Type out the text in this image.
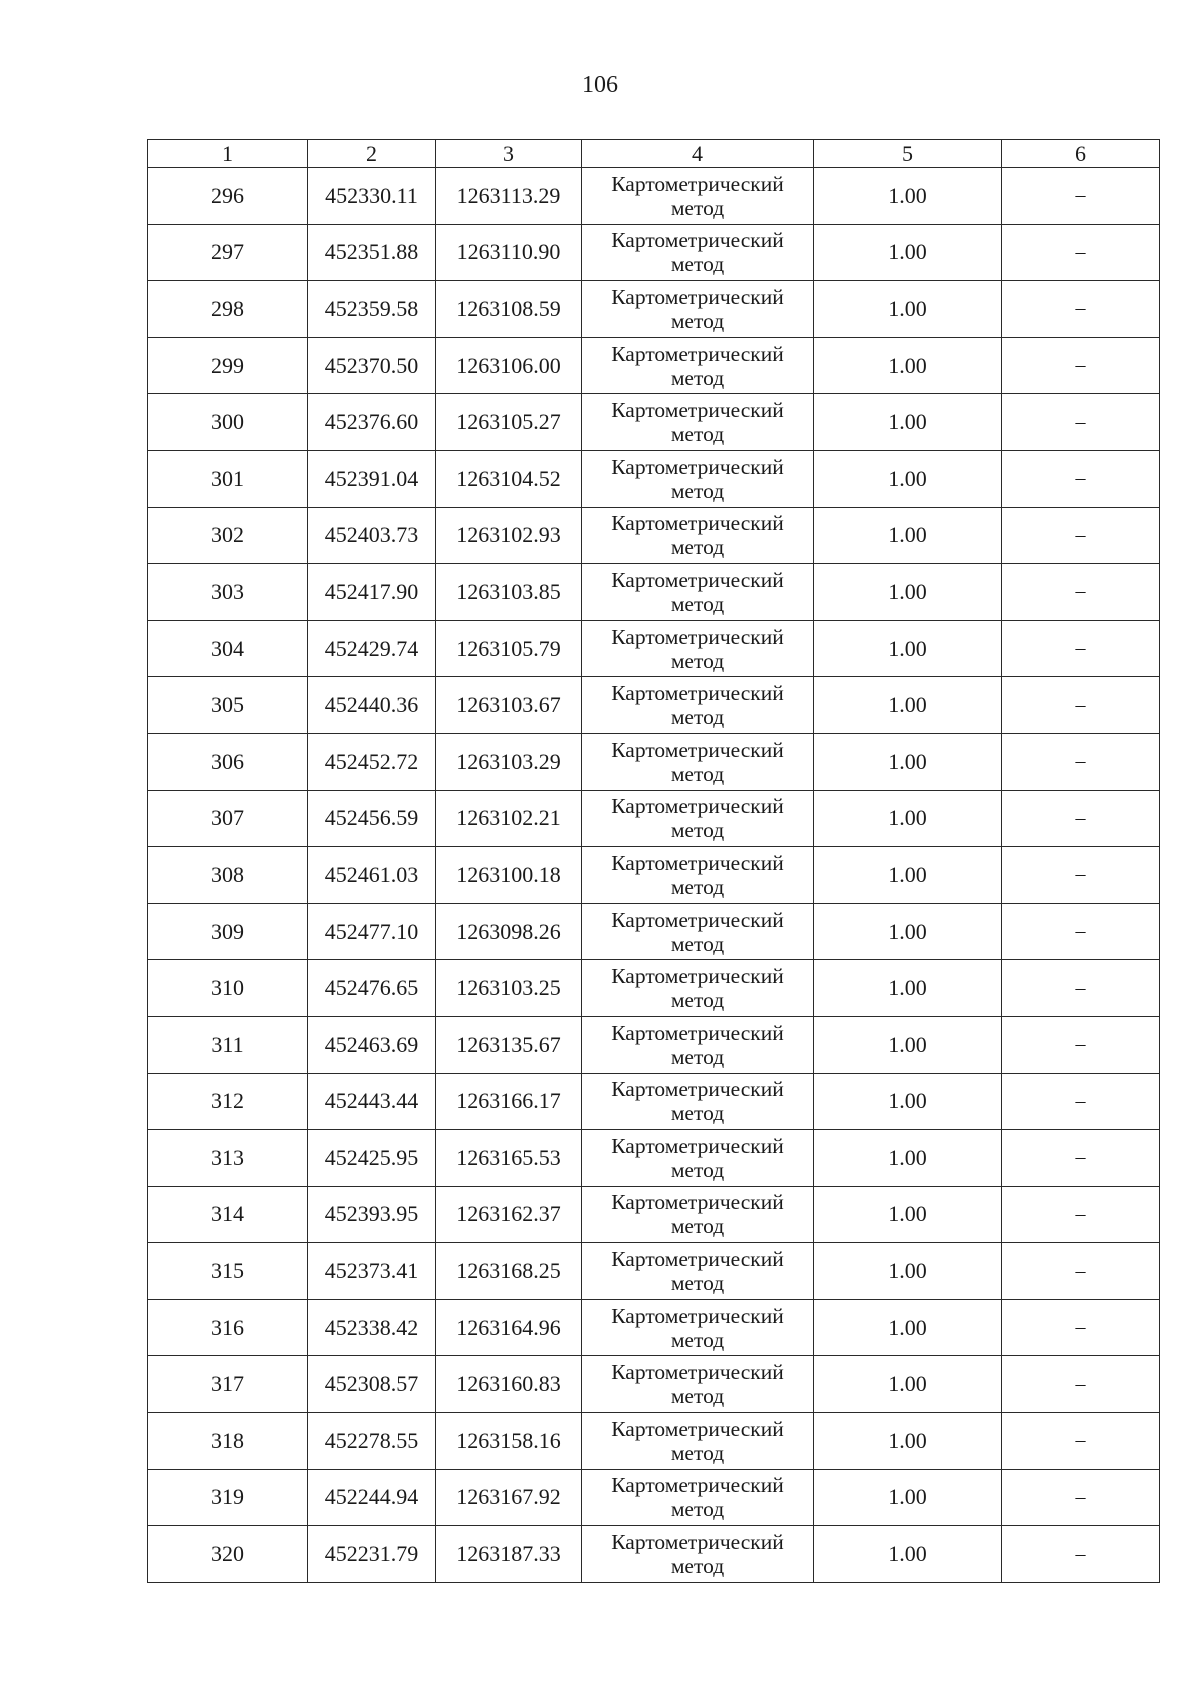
106
1	2	3	4	5	6
296	452330.11	1263113.29	Картометрический метод	1.00	–
297	452351.88	1263110.90	Картометрический метод	1.00	–
298	452359.58	1263108.59	Картометрический метод	1.00	–
299	452370.50	1263106.00	Картометрический метод	1.00	–
300	452376.60	1263105.27	Картометрический метод	1.00	–
301	452391.04	1263104.52	Картометрический метод	1.00	–
302	452403.73	1263102.93	Картометрический метод	1.00	–
303	452417.90	1263103.85	Картометрический метод	1.00	–
304	452429.74	1263105.79	Картометрический метод	1.00	–
305	452440.36	1263103.67	Картометрический метод	1.00	–
306	452452.72	1263103.29	Картометрический метод	1.00	–
307	452456.59	1263102.21	Картометрический метод	1.00	–
308	452461.03	1263100.18	Картометрический метод	1.00	–
309	452477.10	1263098.26	Картометрический метод	1.00	–
310	452476.65	1263103.25	Картометрический метод	1.00	–
311	452463.69	1263135.67	Картометрический метод	1.00	–
312	452443.44	1263166.17	Картометрический метод	1.00	–
313	452425.95	1263165.53	Картометрический метод	1.00	–
314	452393.95	1263162.37	Картометрический метод	1.00	–
315	452373.41	1263168.25	Картометрический метод	1.00	–
316	452338.42	1263164.96	Картометрический метод	1.00	–
317	452308.57	1263160.83	Картометрический метод	1.00	–
318	452278.55	1263158.16	Картометрический метод	1.00	–
319	452244.94	1263167.92	Картометрический метод	1.00	–
320	452231.79	1263187.33	Картометрический метод	1.00	–
